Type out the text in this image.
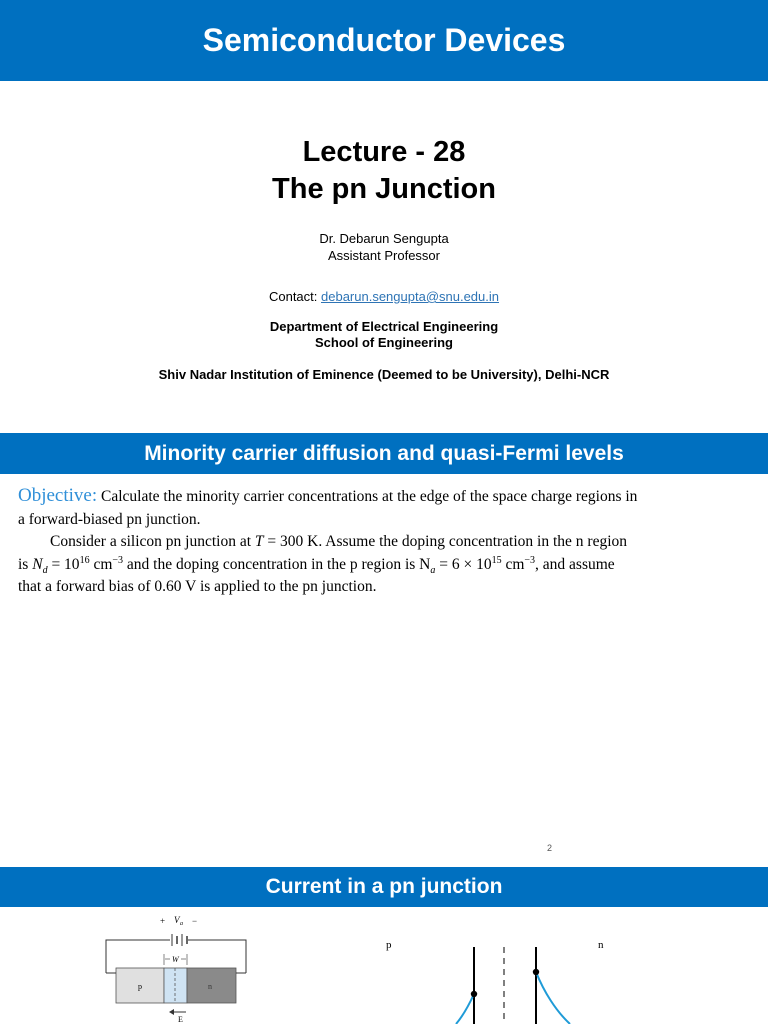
Semiconductor Devices
Lecture - 28
The pn Junction
Dr. Debarun Sengupta
Assistant Professor
Contact: debarun.sengupta@snu.edu.in
Department of Electrical Engineering
School of Engineering
Shiv Nadar Institution of Eminence (Deemed to be University), Delhi-NCR
Minority carrier diffusion and quasi-Fermi levels

Objective: Calculate the minority carrier concentrations at the edge of the space charge regions in a forward-biased pn junction.

Consider a silicon pn junction at T = 300 K. Assume the doping concentration in the n region is $N_d = 10^{16}$ $cm^{-3}$ and the doping concentration in the p region is $N_a = 6 \times 10^{15}$ $cm^{-3}$, and assume that a forward bias of 0.60 V is applied to the pn junction.

2
Current in a pn junction
+ V a −
W
p	n
E
p	n
